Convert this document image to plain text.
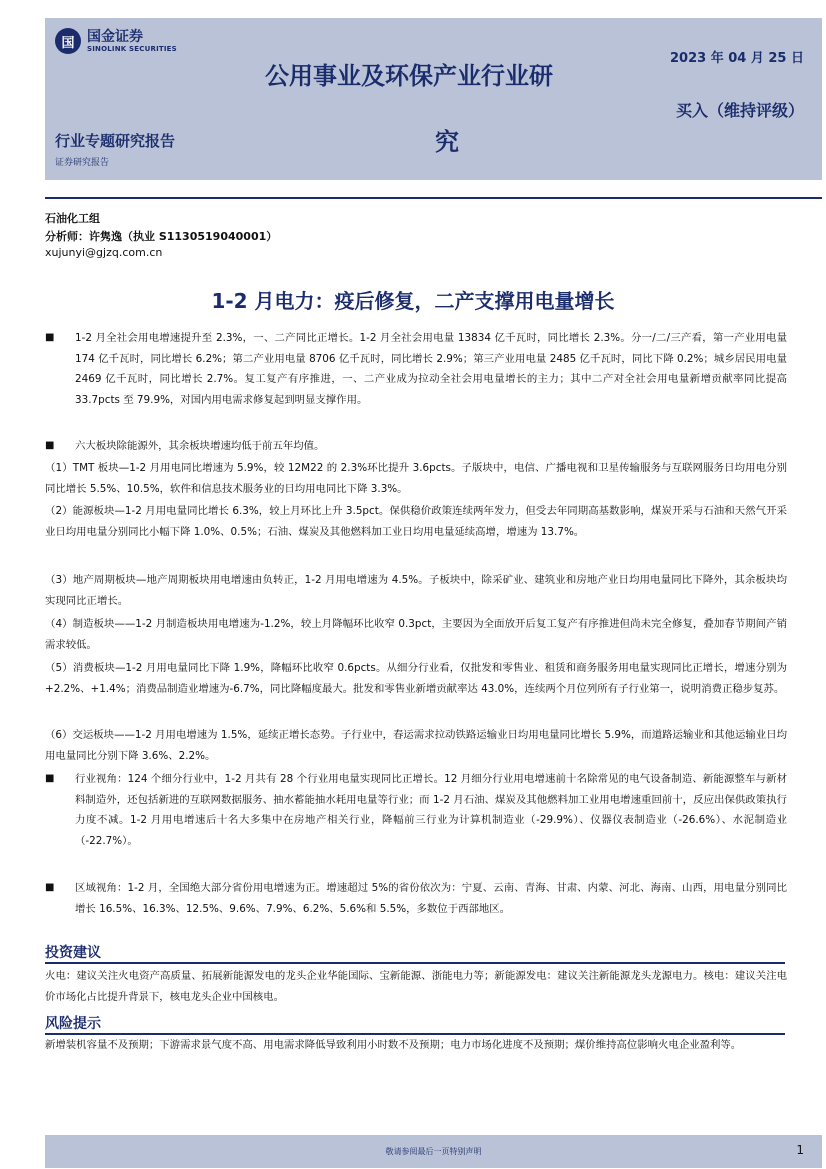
国 国金证券
SINOLINK SECURITIES
公用事业及环保产业行业研
究
2023 年 04 月 25 日
买入（维持评级）
行业专题研究报告
证券研究报告
石油化工组
分析师：许隽逸（执业 S1130519040001）
xujunyi@gjzq.com.cn
1-2 月电力：疫后修复，二产支撑用电量增长
■ 1-2 月全社会用电增速提升至 2.3%，一、二产同比正增长。1-2 月全社会用电量 13834 亿千瓦时，同比增长 2.3%。分一/二/三产看，第一产业用电量 174 亿千瓦时，同比增长 6.2%；第二产业用电量 8706 亿千瓦时，同比增长 2.9%；第三产业用电量 2485 亿千瓦时，同比下降 0.2%；城乡居民用电量 2469 亿千瓦时，同比增长 2.7%。复工复产有序推进，一、二产业成为拉动全社会用电量增长的主力；其中二产对全社会用电量新增贡献率同比提高 33.7pcts 至 79.9%，对国内用电需求修复起到明显支撑作用。
■ 六大板块除能源外，其余板块增速均低于前五年均值。
（1）TMT 板块—1-2 月用电同比增速为 5.9%，较 12M22 的 2.3%环比提升 3.6pcts。子版块中，电信、广播电视和卫星传输服务与互联网服务日均用电分别同比增长 5.5%、10.5%，软件和信息技术服务业的日均用电同比下降 3.3%。
（2）能源板块—1-2 月用电量同比增长 6.3%，较上月环比上升 3.5pct。保供稳价政策连续两年发力，但受去年同期高基数影响，煤炭开采与石油和天然气开采业日均用电量分别同比小幅下降 1.0%、0.5%；石油、煤炭及其他燃料加工业日均用电量延续高增，增速为 13.7%。
（3）地产周期板块—地产周期板块用电增速由负转正，1-2 月用电增速为 4.5%。子板块中，除采矿业、建筑业和房地产业日均用电量同比下降外，其余板块均实现同比正增长。
（4）制造板块——1-2 月制造板块用电增速为-1.2%，较上月降幅环比收窄 0.3pct，主要因为全面放开后复工复产有序推进但尚未完全修复，叠加春节期间产销需求较低。
（5）消费板块—1-2 月用电量同比下降 1.9%，降幅环比收窄 0.6pcts。从细分行业看，仅批发和零售业、租赁和商务服务用电量实现同比正增长，增速分别为+2.2%、+1.4%；消费品制造业增速为-6.7%，同比降幅度最大。批发和零售业新增贡献率达 43.0%，连续两个月位列所有子行业第一，说明消费正稳步复苏。
（6）交运板块——1-2 月用电增速为 1.5%，延续正增长态势。子行业中，春运需求拉动铁路运输业日均用电量同比增长 5.9%，而道路运输业和其他运输业日均用电量同比分别下降 3.6%、2.2%。
■ 行业视角：124 个细分行业中，1-2 月共有 28 个行业用电量实现同比正增长。12 月细分行业用电增速前十名除常见的电气设备制造、新能源整车与新材料制造外，还包括新进的互联网数据服务、抽水蓄能抽水耗用电量等行业；而 1-2 月石油、煤炭及其他燃料加工业用电增速重回前十，反应出保供政策执行力度不减。1-2 月用电增速后十名大多集中在房地产相关行业，降幅前三行业为计算机制造业（-29.9%）、仪器仪表制造业（-26.6%）、水泥制造业（-22.7%）。
■ 区域视角：1-2 月，全国绝大部分省份用电增速为正。增速超过 5%的省份依次为：宁夏、云南、青海、甘肃、内蒙、河北、海南、山西，用电量分别同比增长 16.5%、16.3%、12.5%、9.6%、7.9%、6.2%、5.6%和 5.5%，多数位于西部地区。
投资建议
火电：建议关注火电资产高质量、拓展新能源发电的龙头企业华能国际、宝新能源、浙能电力等；新能源发电：建议关注新能源龙头龙源电力。核电：建议关注电价市场化占比提升背景下，核电龙头企业中国核电。
风险提示
新增装机容量不及预期；下游需求景气度不高、用电需求降低导致利用小时数不及预期；电力市场化进度不及预期；煤价维持高位影响火电企业盈利等。
敬请参阅最后一页特别声明	1
